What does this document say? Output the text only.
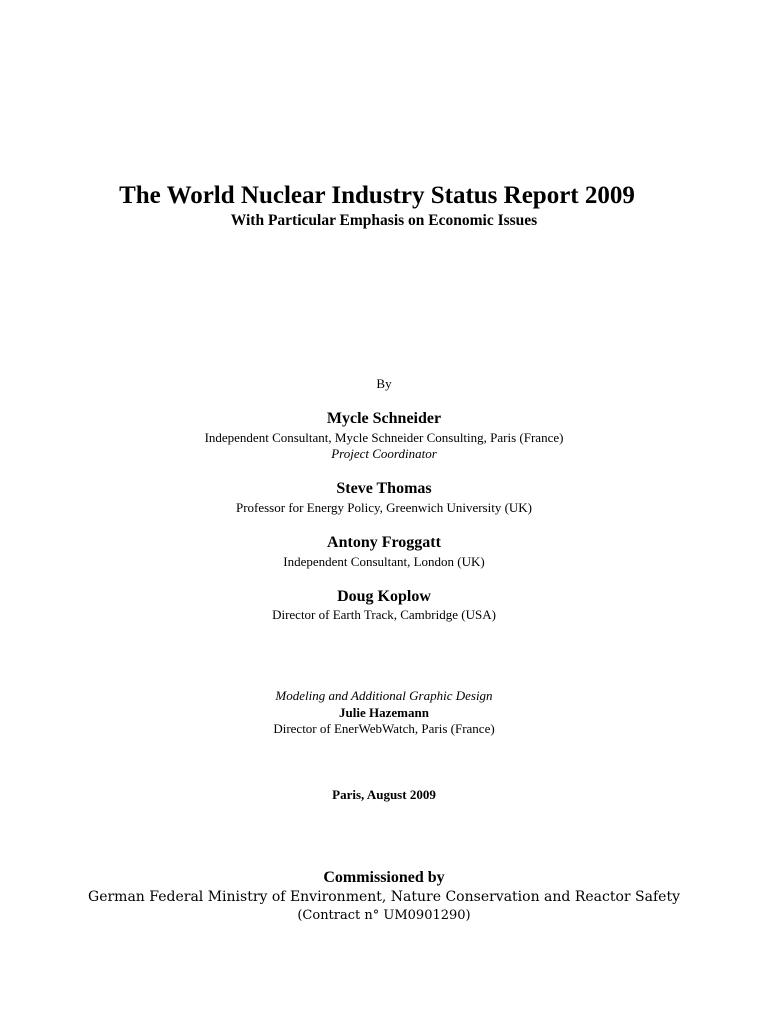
The World Nuclear Industry Status Report 2009
With Particular Emphasis on Economic Issues
By
Mycle Schneider
Independent Consultant, Mycle Schneider Consulting, Paris (France)
Project Coordinator
Steve Thomas
Professor for Energy Policy, Greenwich University (UK)
Antony Froggatt
Independent Consultant, London (UK)
Doug Koplow
Director of Earth Track, Cambridge (USA)
Modeling and Additional Graphic Design
Julie Hazemann
Director of EnerWebWatch, Paris (France)
Paris, August 2009
Commissioned by
German Federal Ministry of Environment, Nature Conservation and Reactor Safety
(Contract n° UM0901290)
